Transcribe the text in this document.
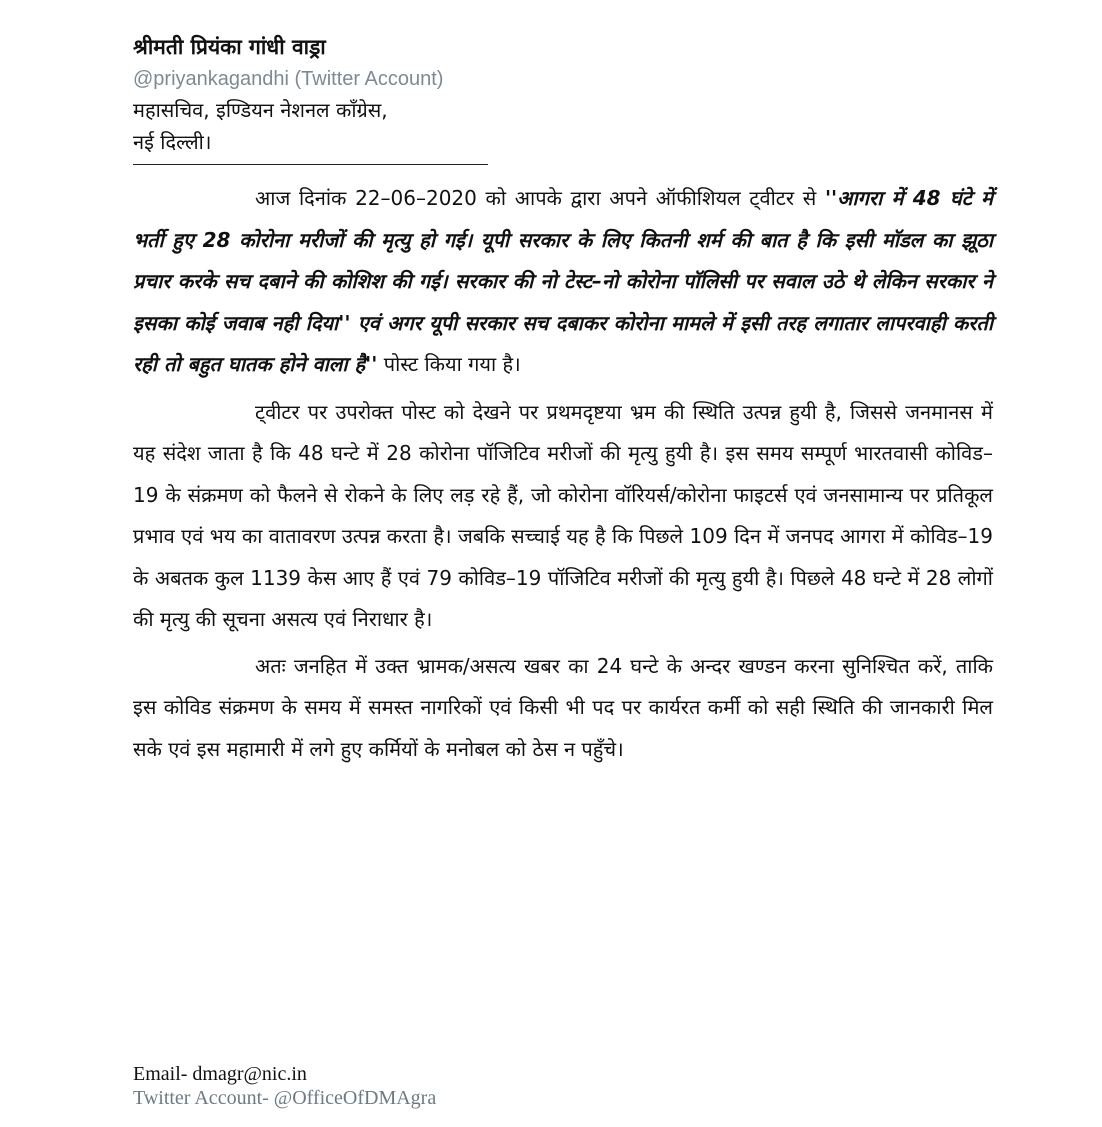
श्रीमती प्रियंका गांधी वाड्रा
@priyankagandhi (Twitter Account)
महासचिव, इण्डियन नेशनल कॉंग्रेस,
नई दिल्ली।

आज दिनांक 22–06–2020 को आपके द्वारा अपने ऑफीशियल ट्वीटर से ''आगरा में 48 घंटे में भर्ती हुए 28 कोरोना मरीजों की मृत्यु हो गई। यूपी सरकार के लिए कितनी शर्म की बात है कि इसी मॉडल का झूठा प्रचार करके सच दबाने की कोशिश की गई। सरकार की नो टेस्ट–नो कोरोना पॉलिसी पर सवाल उठे थे लेकिन सरकार ने इसका कोई जवाब नही दिया'' एवं अगर यूपी सरकार सच दबाकर कोरोना मामले में इसी तरह लगातार लापरवाही करती रही तो बहुत घातक होने वाला है'' पोस्ट किया गया है।

ट्वीटर पर उपरोक्त पोस्ट को देखने पर प्रथमदृष्टया भ्रम की स्थिति उत्पन्न हुयी है, जिससे जनमानस में यह संदेश जाता है कि 48 घन्टे में 28 कोरोना पॉजिटिव मरीजों की मृत्यु हुयी है। इस समय सम्पूर्ण भारतवासी कोविड–19 के संक्रमण को फैलने से रोकने के लिए लड़ रहे हैं, जो कोरोना वॉरियर्स/कोरोना फाइटर्स एवं जनसामान्य पर प्रतिकूल प्रभाव एवं भय का वातावरण उत्पन्न करता है। जबकि सच्चाई यह है कि पिछले 109 दिन में जनपद आगरा में कोविड–19 के अबतक कुल 1139 केस आए हैं एवं 79 कोविड–19 पॉजिटिव मरीजों की मृत्यु हुयी है। पिछले 48 घन्टे में 28 लोगों की मृत्यु की सूचना असत्य एवं निराधार है।

अतः जनहित में उक्त भ्रामक/असत्य खबर का 24 घन्टे के अन्दर खण्डन करना सुनिश्चित करें, ताकि इस कोविड संक्रमण के समय में समस्त नागरिकों एवं किसी भी पद पर कार्यरत कर्मी को सही स्थिति की जानकारी मिल सके एवं इस महामारी में लगे हुए कर्मियों के मनोबल को ठेस न पहुँचे।

Email- dmagr@nic.in
Twitter Account- @OfficeOfDMAgra
